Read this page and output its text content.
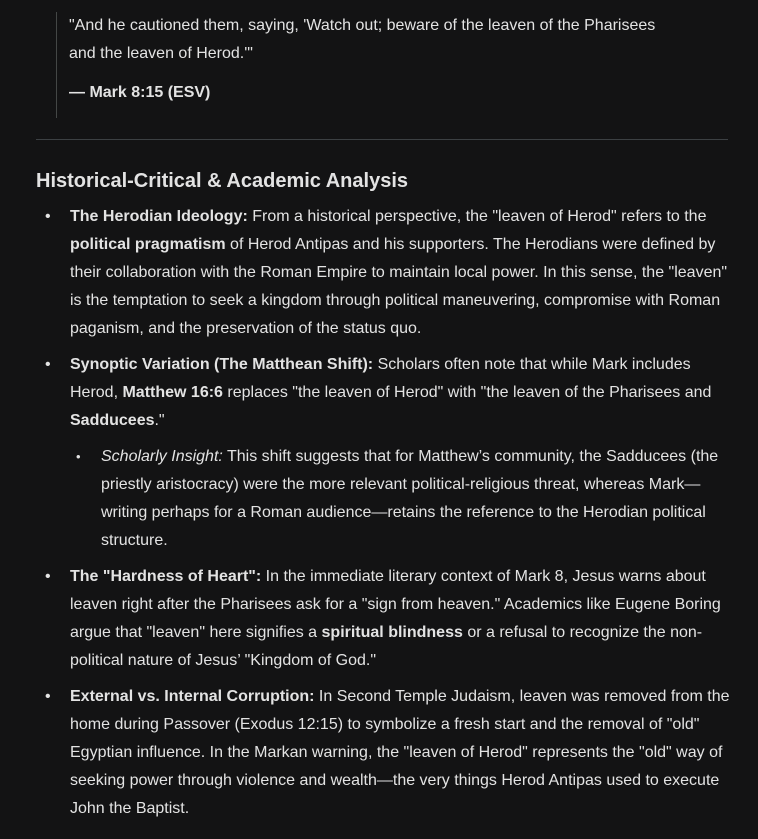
"And he cautioned them, saying, 'Watch out; beware of the leaven of the Pharisees
and the leaven of Herod.'"

— Mark 8:15 (ESV)

Historical-Critical & Academic Analysis
• The Herodian Ideology: From a historical perspective, the "leaven of Herod" refers to the political pragmatism of Herod Antipas and his supporters. The Herodians were defined by their collaboration with the Roman Empire to maintain local power. In this sense, the "leaven" is the temptation to seek a kingdom through political maneuvering, compromise with Roman paganism, and the preservation of the status quo.
• Synoptic Variation (The Matthean Shift): Scholars often note that while Mark includes Herod, Matthew 16:6 replaces "the leaven of Herod" with "the leaven of the Pharisees and Sadducees."
• Scholarly Insight: This shift suggests that for Matthew’s community, the Sadducees (the priestly aristocracy) were the more relevant political-religious threat, whereas Mark—writing perhaps for a Roman audience—retains the reference to the Herodian political structure.
• The "Hardness of Heart": In the immediate literary context of Mark 8, Jesus warns about leaven right after the Pharisees ask for a "sign from heaven." Academics like Eugene Boring argue that "leaven" here signifies a spiritual blindness or a refusal to recognize the non-political nature of Jesus’ "Kingdom of God."
• External vs. Internal Corruption: In Second Temple Judaism, leaven was removed from the home during Passover (Exodus 12:15) to symbolize a fresh start and the removal of "old" Egyptian influence. In the Markan warning, the "leaven of Herod" represents the "old" way of seeking power through violence and wealth—the very things Herod Antipas used to execute John the Baptist.
